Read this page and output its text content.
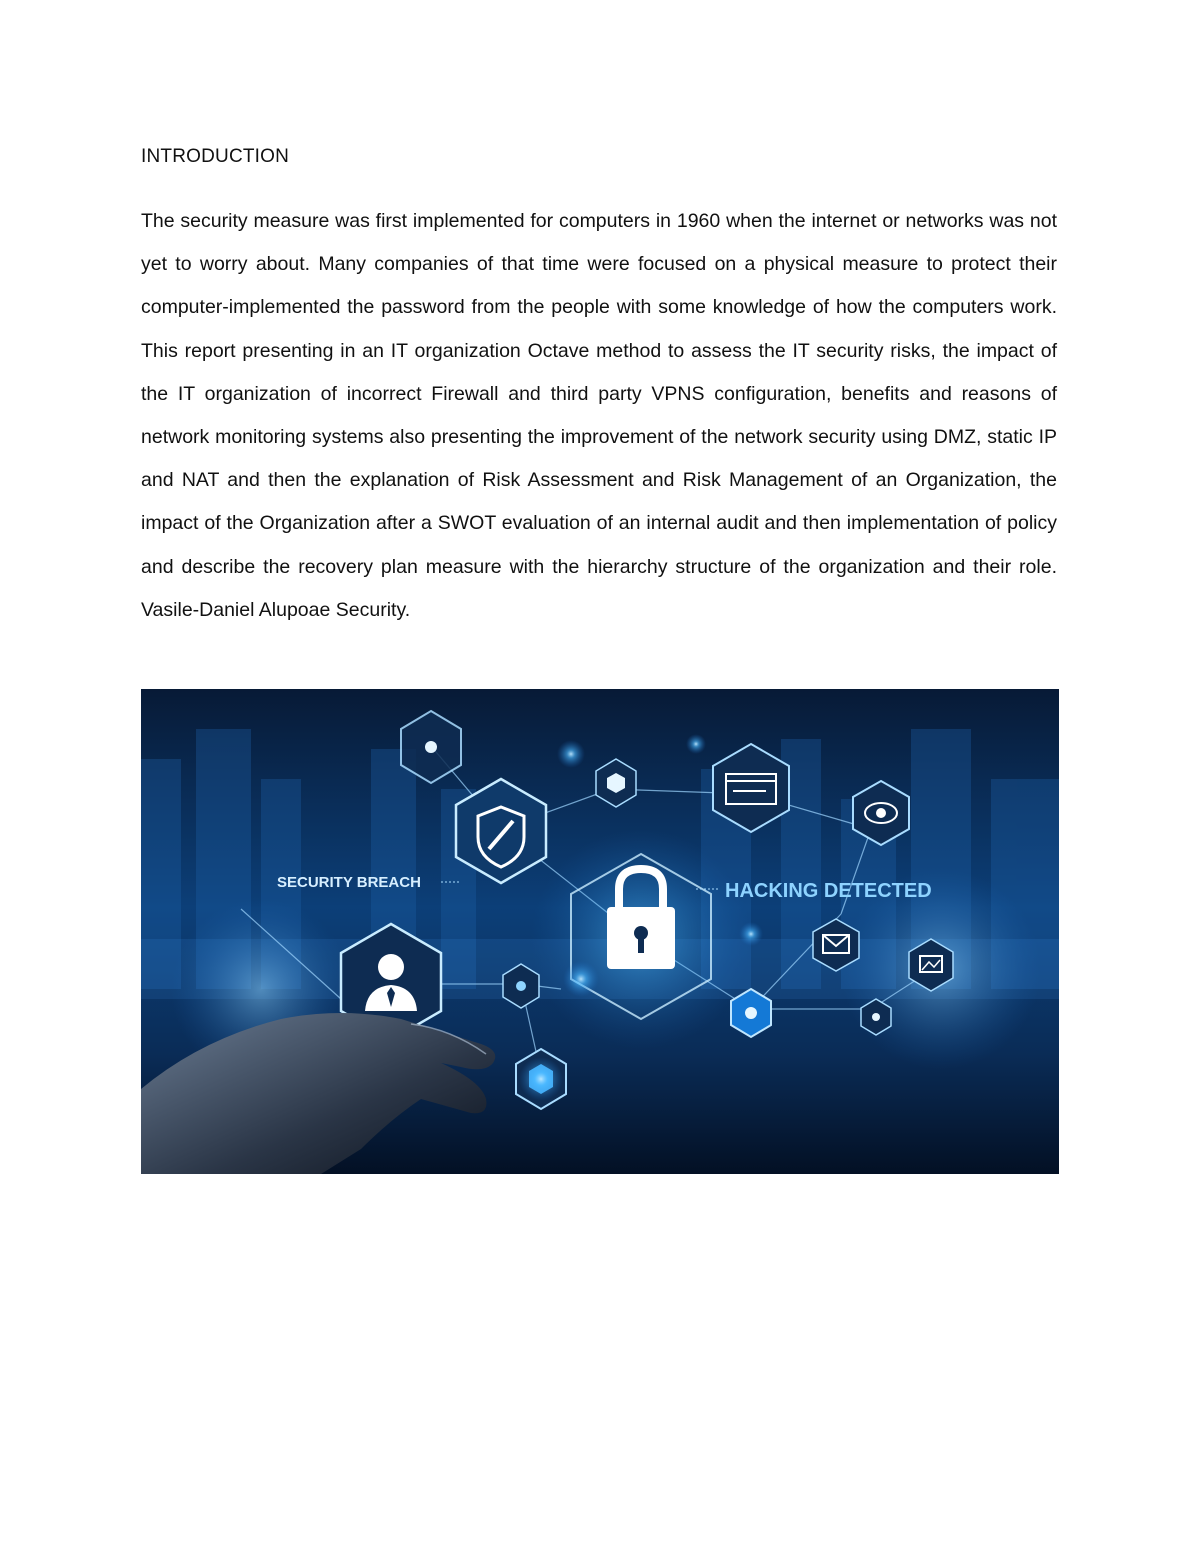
INTRODUCTION
The security measure was first implemented for computers in 1960 when the internet or networks was not yet to worry about. Many companies of that time were focused on a physical measure to protect their computer-implemented the password from the people with some knowledge of how the computers work. This report presenting in an IT organization Octave method to assess the IT security risks, the impact of the IT organization of incorrect Firewall and third party VPNS configuration, benefits and reasons of network monitoring systems also presenting the improvement of the network security using DMZ, static IP and NAT and then the explanation of Risk Assessment and Risk Management of an Organization, the impact of the Organization after a SWOT evaluation of an internal audit and then implementation of policy and describe the recovery plan measure with the hierarchy structure of the organization and their role. Vasile-Daniel Alupoae Security.
SECURITY BREACH	HACKING DETECTED
